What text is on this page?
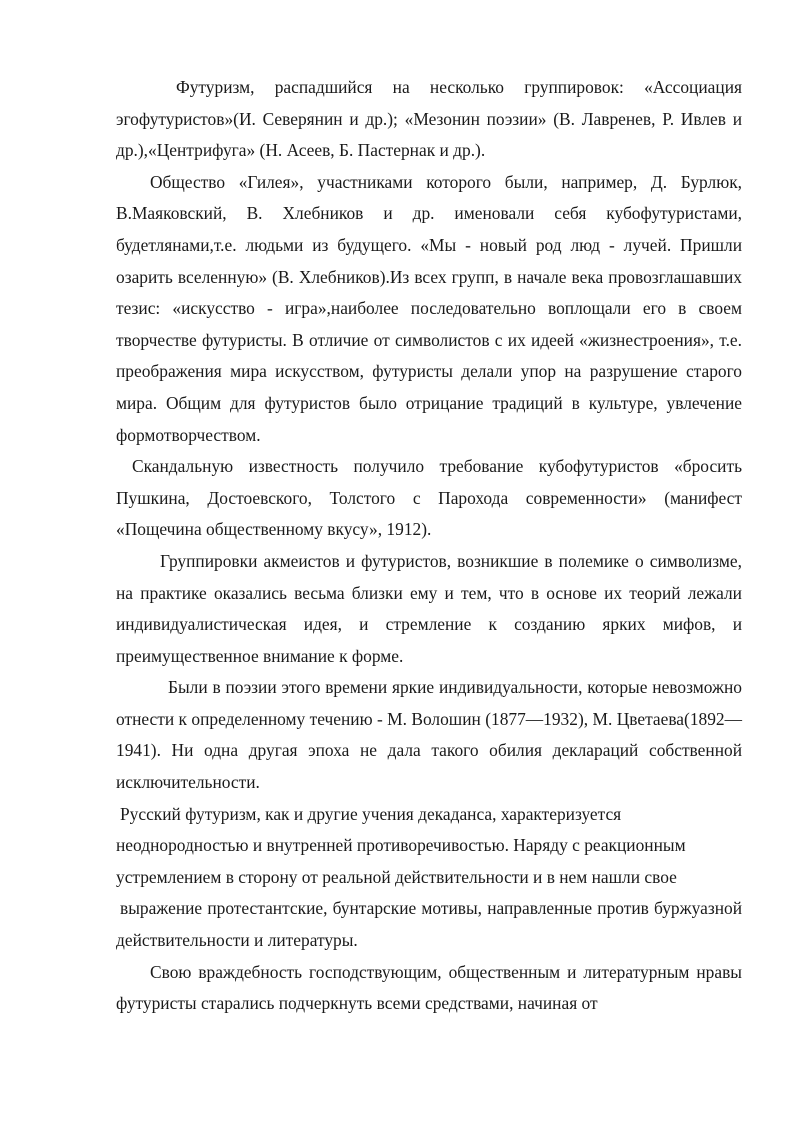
Футуризм, распадшийся на несколько группировок: «Ассоциация эгофутуристов»(И. Северянин и др.); «Мезонин поэзии» (В. Лавренев, Р. Ивлев и др.),«Центрифуга» (Н. Асеев, Б. Пастернак и др.).

Общество «Гилея», участниками которого были, например, Д. Бурлюк, В.Маяковский, В. Хлебников и др. именовали себя кубофутуристами, будетлянами,т.е. людьми из будущего. «Мы - новый род люд - лучей. Пришли озарить вселенную» (В. Хлебников).Из всех групп, в начале века провозглашавших тезис: «искусство - игра»,наиболее последовательно воплощали его в своем творчестве футуристы. В отличие от символистов с их идеей «жизнестроения», т.е. преображения мира искусством, футуристы делали упор на разрушение старого мира. Общим для футуристов было отрицание традиций в культуре, увлечение формотворчеством.

Скандальную известность получило требование кубофутуристов «бросить Пушкина, Достоевского, Толстого с Парохода современности» (манифест «Пощечина общественному вкусу», 1912).

Группировки акмеистов и футуристов, возникшие в полемике о символизме, на практике оказались весьма близки ему и тем, что в основе их теорий лежали индивидуалистическая идея, и стремление к созданию ярких мифов, и преимущественное внимание к форме.

Были в поэзии этого времени яркие индивидуальности, которые невозможно отнести к определенному течению - М. Волошин (1877—1932), М. Цветаева(1892—1941). Ни одна другая эпоха не дала такого обилия деклараций собственной исключительности.

Русский футуризм, как и другие учения декаданса, характеризуется
неоднородностью и внутренней противоречивостью. Наряду с реакционным
устремлением в сторону от реальной действительности и в нем нашли свое

выражение протестантские, бунтарские мотивы, направленные против буржуазной действительности и литературы.

Свою враждебность господствующим, общественным и литературным нравы футуристы старались подчеркнуть всеми средствами, начиная от
